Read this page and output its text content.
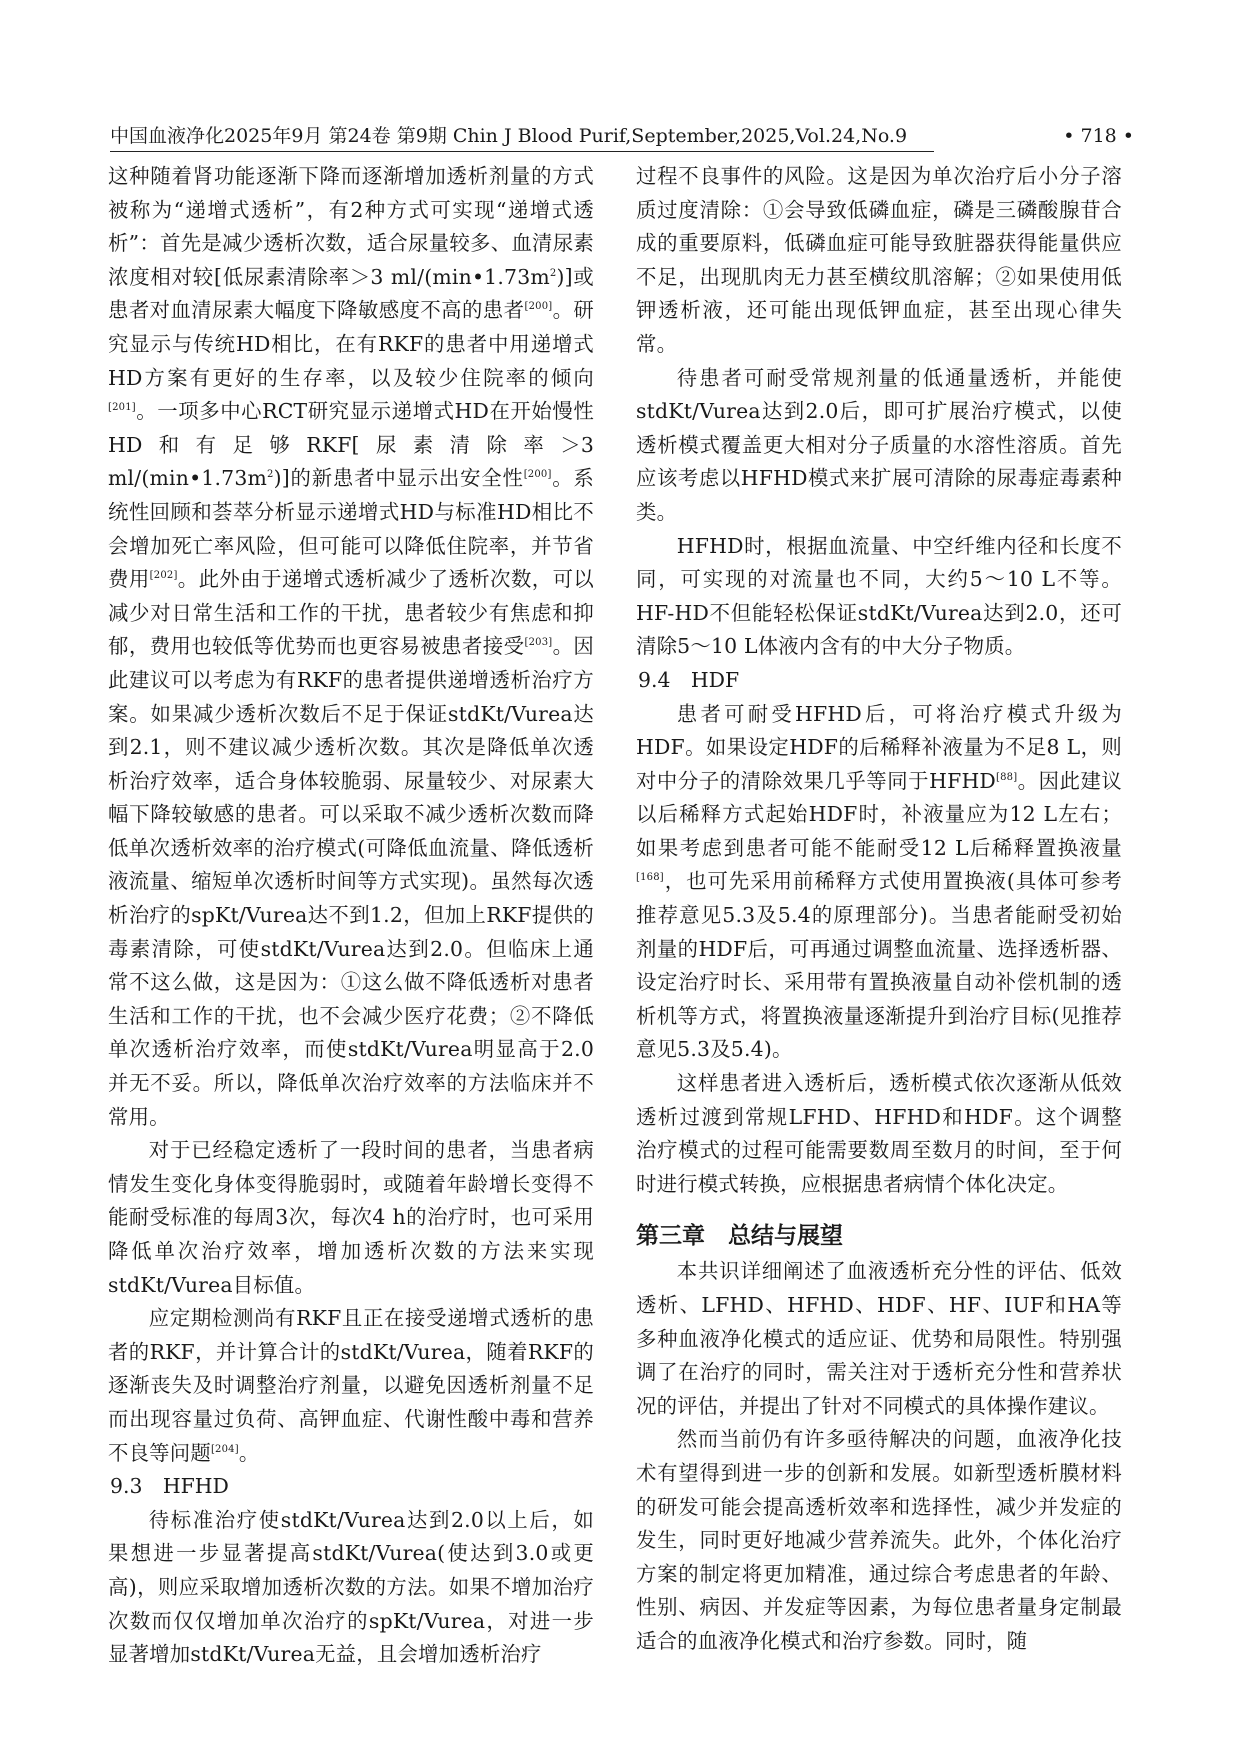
中国血液净化2025年9月 第24卷 第9期 Chin J Blood Purif,September,2025,Vol.24,No.9	• 718 •

这种随着肾功能逐渐下降而逐渐增加透析剂量的方式被称为“递增式透析”，有2种方式可实现“递增式透析”：首先是减少透析次数，适合尿量较多、血清尿素浓度相对较[低尿素清除率＞3 $ml/(\min•1.73m^2)$]或患者对血清尿素大幅度下降敏感度不高的患者[200]。研究显示与传统HD相比，在有RKF的患者中用递增式HD方案有更好的生存率，以及较少住院率的倾向[201]。一项多中心RCT研究显示递增式HD在开始慢性HD和有足够RKF[尿素清除率＞3 $ml/(\min•1.73m^2)$]的新患者中显示出安全性[200]。系统性回顾和荟萃分析显示递增式HD与标准HD相比不会增加死亡率风险，但可能可以降低住院率，并节省费用[202]。此外由于递增式透析减少了透析次数，可以减少对日常生活和工作的干扰，患者较少有焦虑和抑郁，费用也较低等优势而也更容易被患者接受[203]。因此建议可以考虑为有RKF的患者提供递增透析治疗方案。如果减少透析次数后不足于保证stdKt/Vurea达到2.1，则不建议减少透析次数。其次是降低单次透析治疗效率，适合身体较脆弱、尿量较少、对尿素大幅下降较敏感的患者。可以采取不减少透析次数而降低单次透析效率的治疗模式(可降低血流量、降低透析液流量、缩短单次透析时间等方式实现)。虽然每次透析治疗的spKt/Vurea达不到1.2，但加上RKF提供的毒素清除，可使stdKt/Vurea达到2.0。但临床上通常不这么做，这是因为：①这么做不降低透析对患者生活和工作的干扰，也不会减少医疗花费；②不降低单次透析治疗效率，而使stdKt/Vurea明显高于2.0并无不妥。所以，降低单次治疗效率的方法临床并不常用。

对于已经稳定透析了一段时间的患者，当患者病情发生变化身体变得脆弱时，或随着年龄增长变得不能耐受标准的每周3次，每次4 h的治疗时，也可采用降低单次治疗效率，增加透析次数的方法来实现stdKt/Vurea目标值。

应定期检测尚有RKF且正在接受递增式透析的患者的RKF，并计算合计的stdKt/Vurea，随着RKF的逐渐丧失及时调整治疗剂量，以避免因透析剂量不足而出现容量过负荷、高钾血症、代谢性酸中毒和营养不良等问题[204]。

9.3　HFHD

待标准治疗使stdKt/Vurea达到2.0以上后，如果想进一步显著提高stdKt/Vurea(使达到3.0或更高)，则应采取增加透析次数的方法。如果不增加治疗次数而仅仅增加单次治疗的spKt/Vurea，对进一步显著增加stdKt/Vurea无益，且会增加透析治疗

过程不良事件的风险。这是因为单次治疗后小分子溶质过度清除：①会导致低磷血症，磷是三磷酸腺苷合成的重要原料，低磷血症可能导致脏器获得能量供应不足，出现肌肉无力甚至横纹肌溶解；②如果使用低钾透析液，还可能出现低钾血症，甚至出现心律失常。

待患者可耐受常规剂量的低通量透析，并能使stdKt/Vurea达到2.0后，即可扩展治疗模式，以使透析模式覆盖更大相对分子质量的水溶性溶质。首先应该考虑以HFHD模式来扩展可清除的尿毒症毒素种类。

HFHD时，根据血流量、中空纤维内径和长度不同，可实现的对流量也不同，大约5～10 L不等。HF-HD不但能轻松保证stdKt/Vurea达到2.0，还可清除5～10 L体液内含有的中大分子物质。

9.4　HDF

患者可耐受HFHD后，可将治疗模式升级为HDF。如果设定HDF的后稀释补液量为不足8 L，则对中分子的清除效果几乎等同于HFHD[88]。因此建议以后稀释方式起始HDF时，补液量应为12 L左右；如果考虑到患者可能不能耐受12 L后稀释置换液量[168]，也可先采用前稀释方式使用置换液(具体可参考推荐意见5.3及5.4的原理部分)。当患者能耐受初始剂量的HDF后，可再通过调整血流量、选择透析器、设定治疗时长、采用带有置换液量自动补偿机制的透析机等方式，将置换液量逐渐提升到治疗目标(见推荐意见5.3及5.4)。

这样患者进入透析后，透析模式依次逐渐从低效透析过渡到常规LFHD、HFHD和HDF。这个调整治疗模式的过程可能需要数周至数月的时间，至于何时进行模式转换，应根据患者病情个体化决定。

第三章　总结与展望

本共识详细阐述了血液透析充分性的评估、低效透析、LFHD、HFHD、HDF、HF、IUF和HA等多种血液净化模式的适应证、优势和局限性。特别强调了在治疗的同时，需关注对于透析充分性和营养状况的评估，并提出了针对不同模式的具体操作建议。

然而当前仍有许多亟待解决的问题，血液净化技术有望得到进一步的创新和发展。如新型透析膜材料的研发可能会提高透析效率和选择性，减少并发症的发生，同时更好地减少营养流失。此外，个体化治疗方案的制定将更加精准，通过综合考虑患者的年龄、性别、病因、并发症等因素，为每位患者量身定制最适合的血液净化模式和治疗参数。同时，随
